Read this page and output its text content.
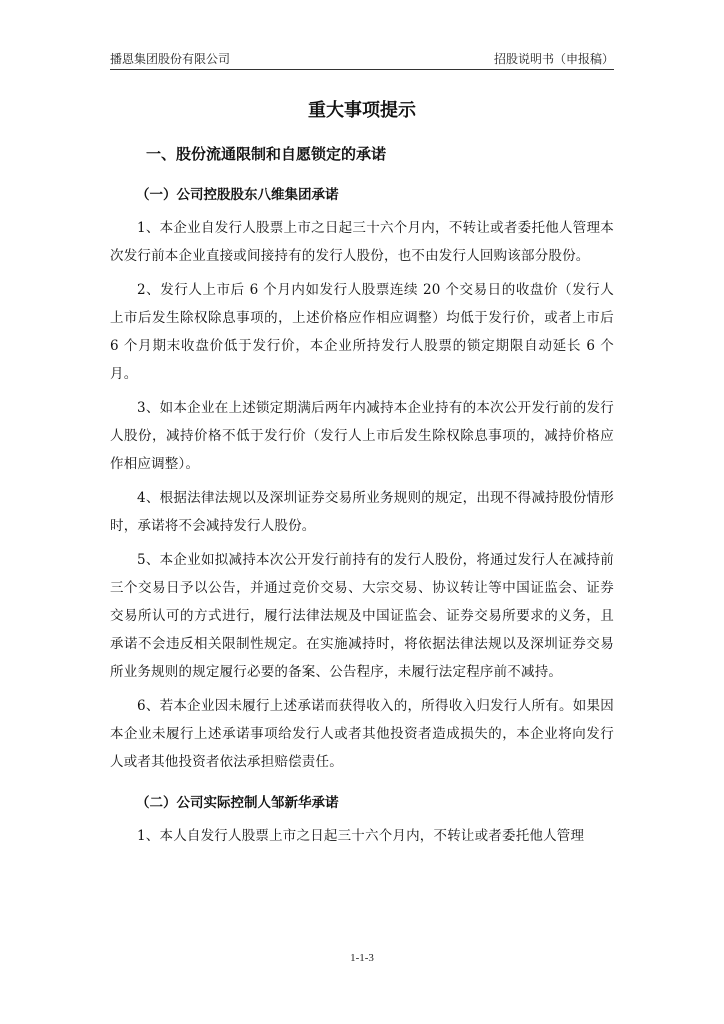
播恩集团股份有限公司	招股说明书（申报稿）
重大事项提示
一、股份流通限制和自愿锁定的承诺
（一）公司控股股东八维集团承诺

1、本企业自发行人股票上市之日起三十六个月内，不转让或者委托他人管理本次发行前本企业直接或间接持有的发行人股份，也不由发行人回购该部分股份。

2、发行人上市后 6 个月内如发行人股票连续 20 个交易日的收盘价（发行人上市后发生除权除息事项的，上述价格应作相应调整）均低于发行价，或者上市后 6 个月期末收盘价低于发行价，本企业所持发行人股票的锁定期限自动延长 6 个月。

3、如本企业在上述锁定期满后两年内减持本企业持有的本次公开发行前的发行人股份，减持价格不低于发行价（发行人上市后发生除权除息事项的，减持价格应作相应调整）。

4、根据法律法规以及深圳证券交易所业务规则的规定，出现不得减持股份情形时，承诺将不会减持发行人股份。

5、本企业如拟减持本次公开发行前持有的发行人股份，将通过发行人在减持前三个交易日予以公告，并通过竞价交易、大宗交易、协议转让等中国证监会、证券交易所认可的方式进行，履行法律法规及中国证监会、证券交易所要求的义务，且承诺不会违反相关限制性规定。在实施减持时，将依据法律法规以及深圳证券交易所业务规则的规定履行必要的备案、公告程序，未履行法定程序前不减持。

6、若本企业因未履行上述承诺而获得收入的，所得收入归发行人所有。如果因本企业未履行上述承诺事项给发行人或者其他投资者造成损失的，本企业将向发行人或者其他投资者依法承担赔偿责任。

（二）公司实际控制人邹新华承诺

1、本人自发行人股票上市之日起三十六个月内，不转让或者委托他人管理

1-1-3
